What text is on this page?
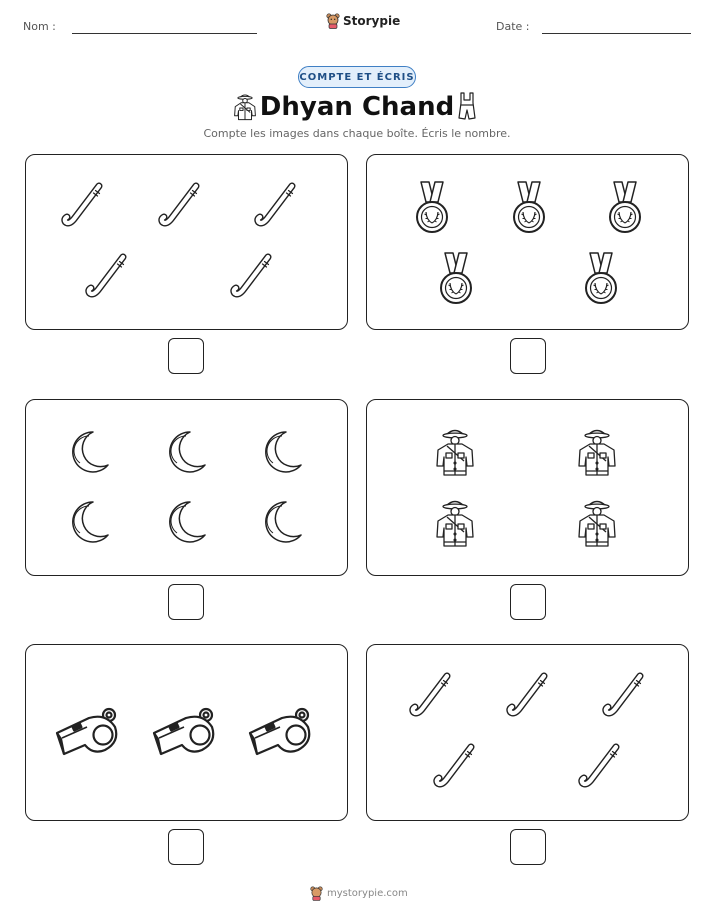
Nom :	Storypie	Date :
COMPTE ET ÉCRIS
Dhyan Chand
Compte les images dans chaque boîte. Écris le nombre.
mystorypie.com
